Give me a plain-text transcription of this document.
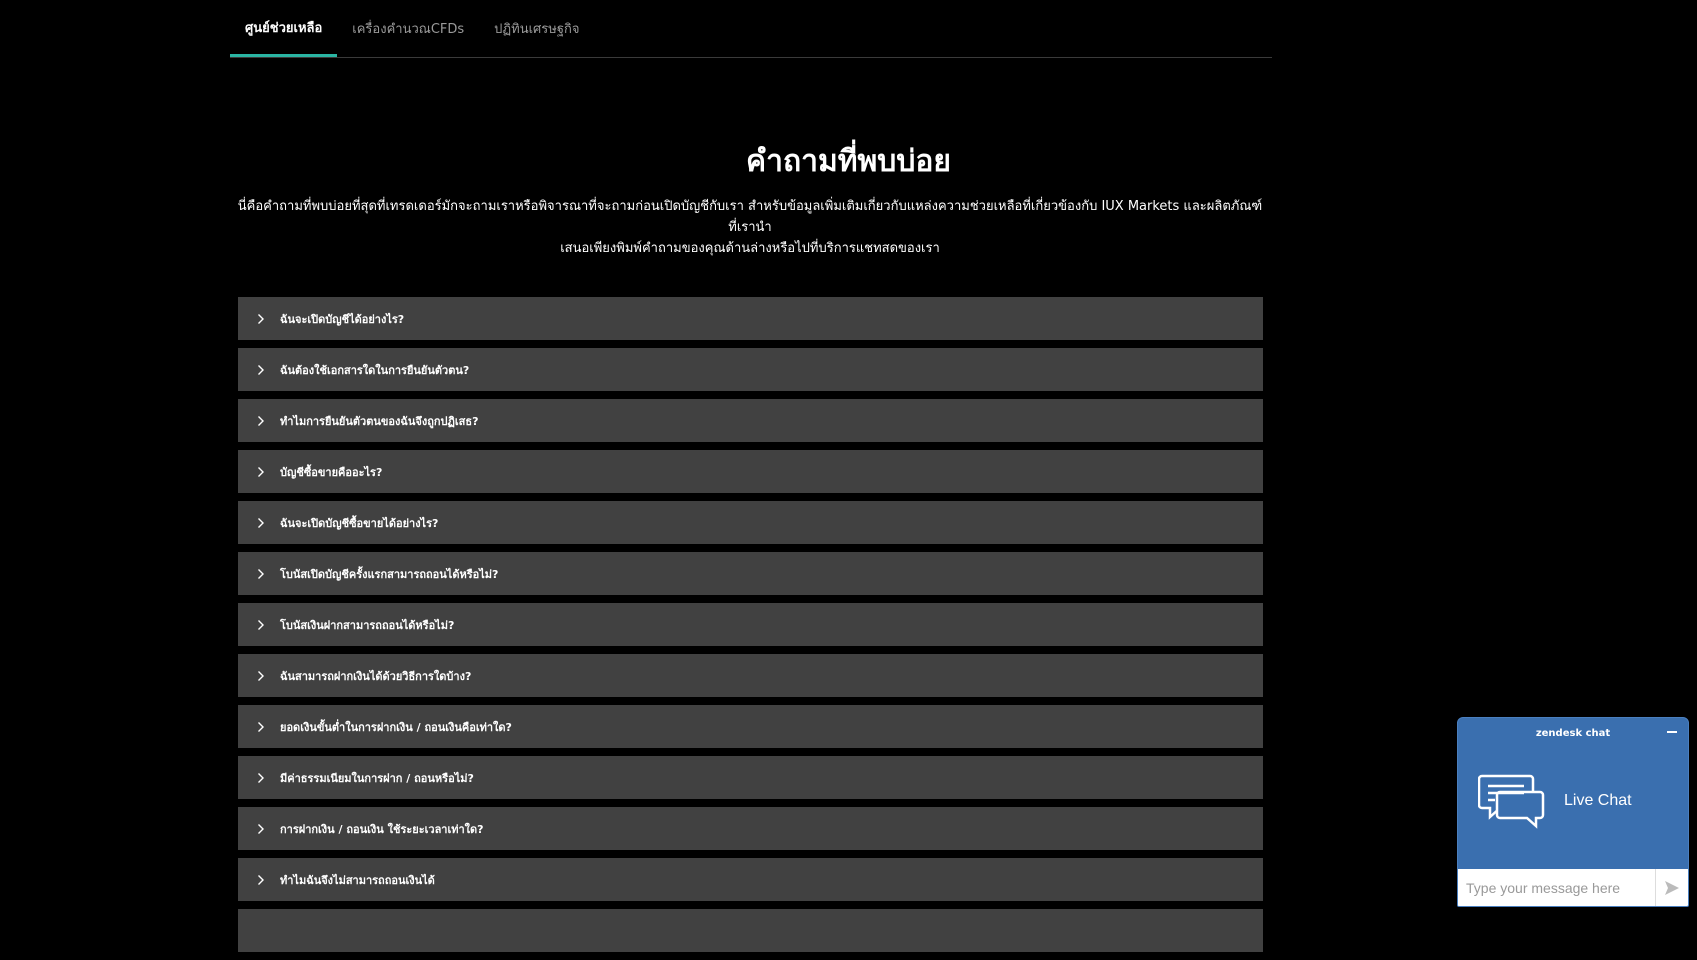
ศูนย์ช่วยเหลือ	เครื่องคำนวณCFDs	ปฏิทินเศรษฐกิจ
คำถามที่พบบ่อย
นี่คือคำถามที่พบบ่อยที่สุดที่เทรดเดอร์มักจะถามเราหรือพิจารณาที่จะถามก่อนเปิดบัญชีกับเรา สำหรับข้อมูลเพิ่มเติมเกี่ยวกับแหล่งความช่วยเหลือที่เกี่ยวข้องกับ IUX Markets และผลิตภัณฑ์ที่เรานำ
เสนอเพียงพิมพ์คำถามของคุณด้านล่างหรือไปที่บริการแชทสดของเรา
ฉันจะเปิดบัญชีได้อย่างไร?
ฉันต้องใช้เอกสารใดในการยืนยันตัวตน?
ทำไมการยืนยันตัวตนของฉันจึงถูกปฏิเสธ?
บัญชีซื้อขายคืออะไร?
ฉันจะเปิดบัญชีซื้อขายได้อย่างไร?
โบนัสเปิดบัญชีครั้งแรกสามารถถอนได้หรือไม่?
โบนัสเงินฝากสามารถถอนได้หรือไม่?
ฉันสามารถฝากเงินได้ด้วยวิธีการใดบ้าง?
ยอดเงินขั้นต่ำในการฝากเงิน / ถอนเงินคือเท่าใด?
มีค่าธรรมเนียมในการฝาก / ถอนหรือไม่?
การฝากเงิน / ถอนเงิน ใช้ระยะเวลาเท่าใด?
ทำไมฉันจึงไม่สามารถถอนเงินได้
zendesk chat
Live Chat
Type your message here
